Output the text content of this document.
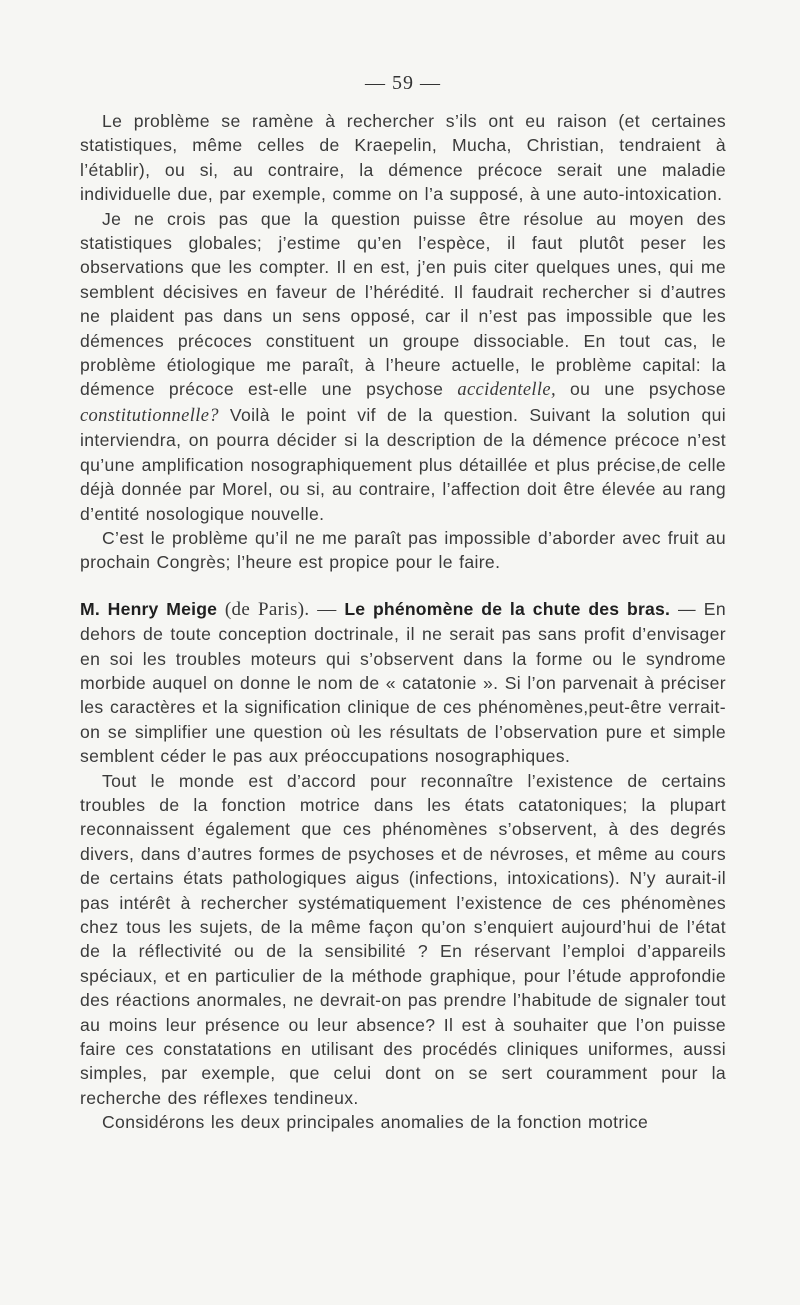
— 59 —

Le problème se ramène à rechercher s’ils ont eu raison (et certaines statistiques, même celles de Kraepelin, Mucha, Christian, tendraient à l’établir), ou si, au contraire, la démence précoce serait une maladie individuelle due, par exemple, comme on l’a supposé, à une auto-intoxication.

Je ne crois pas que la question puisse être résolue au moyen des statistiques globales; j’estime qu’en l’espèce, il faut plutôt peser les observations que les compter. Il en est, j’en puis citer quelques unes, qui me semblent décisives en faveur de l’hérédité. Il faudrait rechercher si d’autres ne plaident pas dans un sens opposé, car il n’est pas impossible que les démences précoces constituent un groupe dissociable. En tout cas, le problème étiologique me paraît, à l’heure actuelle, le problème capital: la démence précoce est-elle une psychose accidentelle, ou une psychose constitutionnelle? Voilà le point vif de la question. Suivant la solution qui interviendra, on pourra décider si la description de la démence précoce n’est qu’une amplification nosographiquement plus détaillée et plus précise,de celle déjà donnée par Morel, ou si, au contraire, l’affection doit être élevée au rang d’entité nosologique nouvelle.

C’est le problème qu’il ne me paraît pas impossible d’aborder avec fruit au prochain Congrès; l’heure est propice pour le faire.

M. Henry Meige (de Paris). — Le phénomène de la chute des bras. — En dehors de toute conception doctrinale, il ne serait pas sans profit d’envisager en soi les troubles moteurs qui s’observent dans la forme ou le syndrome morbide auquel on donne le nom de « catatonie ». Si l’on parvenait à préciser les caractères et la signification clinique de ces phénomènes,peut-être verrait-on se simplifier une question où les résultats de l’observation pure et simple semblent céder le pas aux préoccupations nosographiques.

Tout le monde est d’accord pour reconnaître l’existence de certains troubles de la fonction motrice dans les états catatoniques; la plupart reconnaissent également que ces phénomènes s’observent, à des degrés divers, dans d’autres formes de psychoses et de névroses, et même au cours de certains états pathologiques aigus (infections, intoxications). N’y aurait-il pas intérêt à rechercher systématiquement l’existence de ces phénomènes chez tous les sujets, de la même façon qu’on s’enquiert aujourd’hui de l’état de la réflectivité ou de la sensibilité ? En réservant l’emploi d’appareils spéciaux, et en particulier de la méthode graphique, pour l’étude approfondie des réactions anormales, ne devrait-on pas prendre l’habitude de signaler tout au moins leur présence ou leur absence? Il est à souhaiter que l’on puisse faire ces constatations en utilisant des procédés cliniques uniformes, aussi simples, par exemple, que celui dont on se sert couramment pour la recherche des réflexes tendineux.

Considérons les deux principales anomalies de la fonction motrice
